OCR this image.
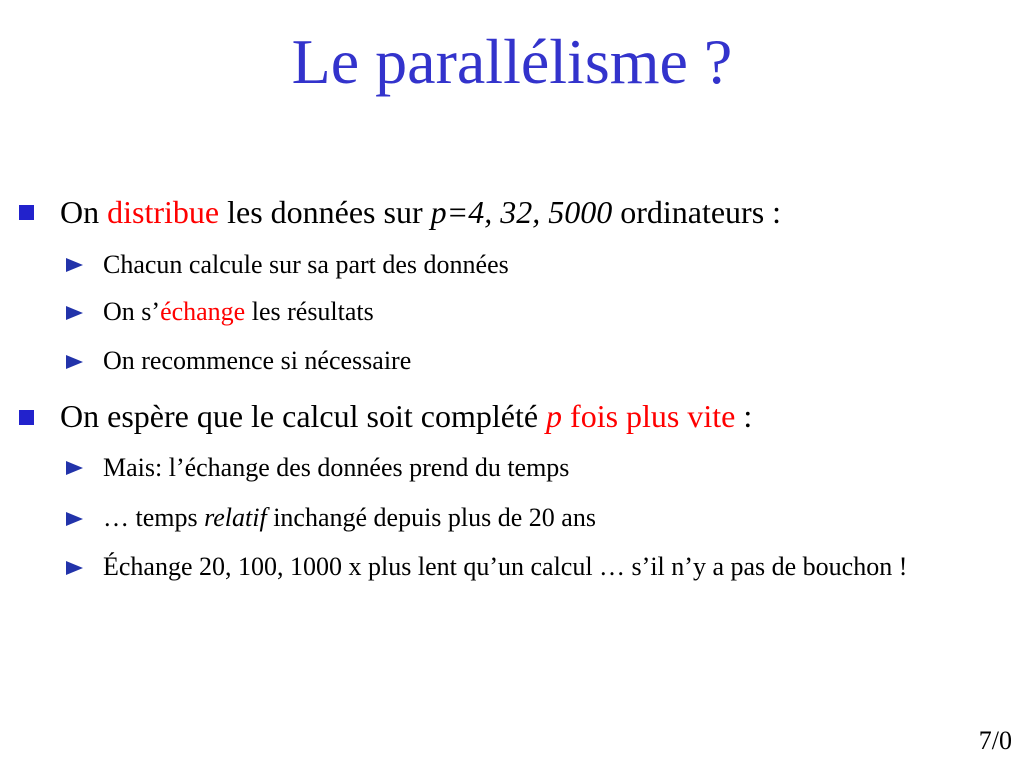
Le parallélisme ?
On distribue les données sur p=4, 32, 5000 ordinateurs :
Chacun calcule sur sa part des données
On s’échange les résultats
On recommence si nécessaire
On espère que le calcul soit complété p fois plus vite :
Mais: l’échange des données prend du temps
… temps relatif inchangé depuis plus de 20 ans
Échange 20, 100, 1000 x plus lent qu’un calcul … s’il n’y a pas de bouchon !
7/0
